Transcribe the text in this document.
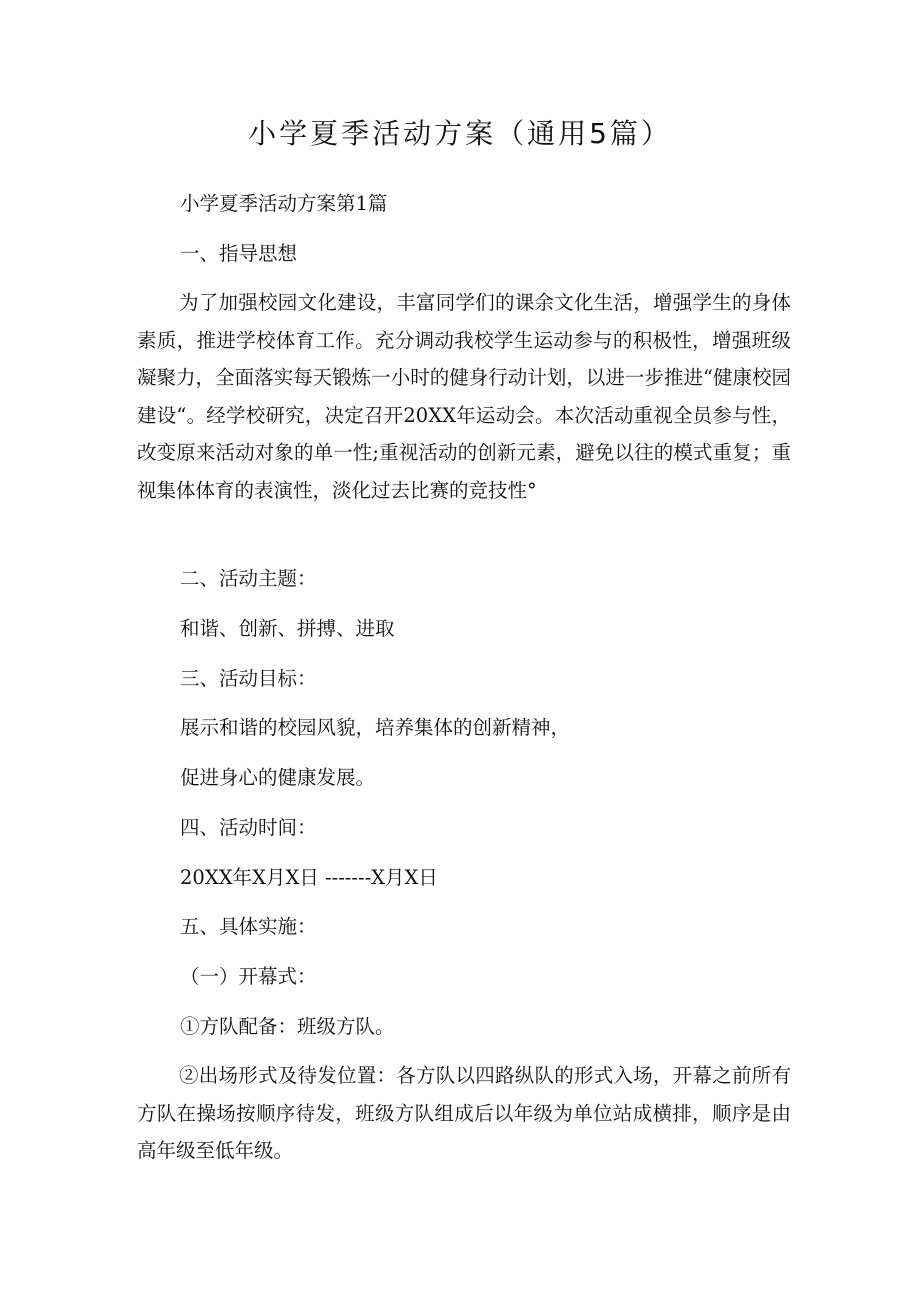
小学夏季活动方案（通用5篇）

小学夏季活动方案第1篇

一、指导思想

为了加强校园文化建设，丰富同学们的课余文化生活，增强学生的身体素质，推进学校体育工作。充分调动我校学生运动参与的积极性，增强班级凝聚力，全面落实每天锻炼一小时的健身行动计划，以进一步推进“健康校园建设“。经学校研究，决定召开20XX年运动会。本次活动重视全员参与性，改变原来活动对象的单一性;重视活动的创新元素，避免以往的模式重复；重视集体体育的表演性，淡化过去比赛的竞技性°

二、活动主题：

和谐、创新、拼搏、进取

三、活动目标：

展示和谐的校园风貌，培养集体的创新精神，

促进身心的健康发展。

四、活动时间：

20XX年X月X日 -------X月X日

五、具体实施：

（一）开幕式：

①方队配备：班级方队。

②出场形式及待发位置：各方队以四路纵队的形式入场，开幕之前所有方队在操场按顺序待发，班级方队组成后以年级为单位站成横排，顺序是由高年级至低年级。
